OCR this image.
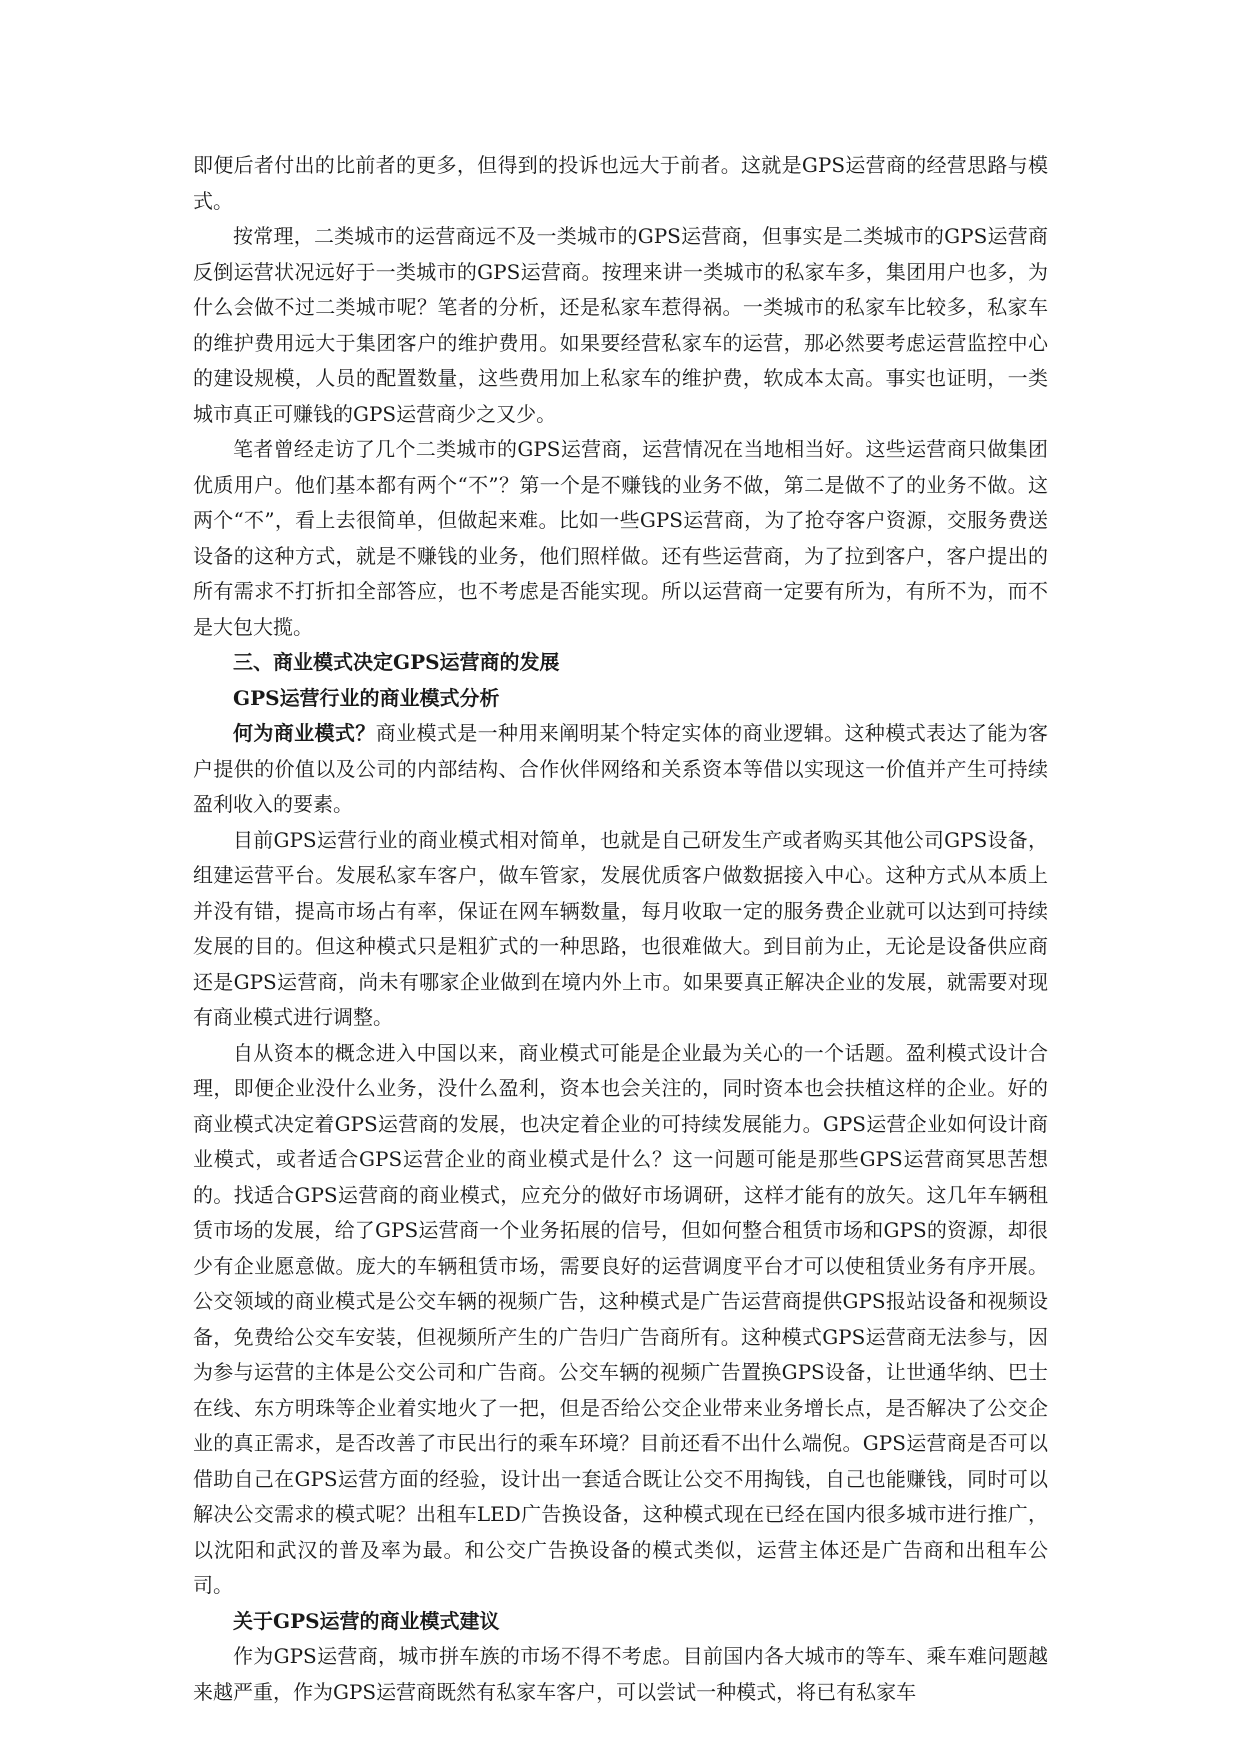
即便后者付出的比前者的更多，但得到的投诉也远大于前者。这就是GPS运营商的经营思路与模式。

按常理，二类城市的运营商远不及一类城市的GPS运营商，但事实是二类城市的GPS运营商反倒运营状况远好于一类城市的GPS运营商。按理来讲一类城市的私家车多，集团用户也多，为什么会做不过二类城市呢？笔者的分析，还是私家车惹得祸。一类城市的私家车比较多，私家车的维护费用远大于集团客户的维护费用。如果要经营私家车的运营，那必然要考虑运营监控中心的建设规模，人员的配置数量，这些费用加上私家车的维护费，软成本太高。事实也证明，一类城市真正可赚钱的GPS运营商少之又少。

笔者曾经走访了几个二类城市的GPS运营商，运营情况在当地相当好。这些运营商只做集团优质用户。他们基本都有两个“不”？第一个是不赚钱的业务不做，第二是做不了的业务不做。这两个“不”，看上去很简单，但做起来难。比如一些GPS运营商，为了抢夺客户资源，交服务费送设备的这种方式，就是不赚钱的业务，他们照样做。还有些运营商，为了拉到客户，客户提出的所有需求不打折扣全部答应，也不考虑是否能实现。所以运营商一定要有所为，有所不为，而不是大包大揽。

三、商业模式决定GPS运营商的发展

GPS运营行业的商业模式分析

何为商业模式？商业模式是一种用来阐明某个特定实体的商业逻辑。这种模式表达了能为客户提供的价值以及公司的内部结构、合作伙伴网络和关系资本等借以实现这一价值并产生可持续盈利收入的要素。

目前GPS运营行业的商业模式相对简单，也就是自己研发生产或者购买其他公司GPS设备，组建运营平台。发展私家车客户，做车管家，发展优质客户做数据接入中心。这种方式从本质上并没有错，提高市场占有率，保证在网车辆数量，每月收取一定的服务费企业就可以达到可持续发展的目的。但这种模式只是粗犷式的一种思路，也很难做大。到目前为止，无论是设备供应商还是GPS运营商，尚未有哪家企业做到在境内外上市。如果要真正解决企业的发展，就需要对现有商业模式进行调整。

自从资本的概念进入中国以来，商业模式可能是企业最为关心的一个话题。盈利模式设计合理，即便企业没什么业务，没什么盈利，资本也会关注的，同时资本也会扶植这样的企业。好的商业模式决定着GPS运营商的发展，也决定着企业的可持续发展能力。GPS运营企业如何设计商业模式，或者适合GPS运营企业的商业模式是什么？这一问题可能是那些GPS运营商冥思苦想的。找适合GPS运营商的商业模式，应充分的做好市场调研，这样才能有的放矢。这几年车辆租赁市场的发展，给了GPS运营商一个业务拓展的信号，但如何整合租赁市场和GPS的资源，却很少有企业愿意做。庞大的车辆租赁市场，需要良好的运营调度平台才可以使租赁业务有序开展。公交领域的商业模式是公交车辆的视频广告，这种模式是广告运营商提供GPS报站设备和视频设备，免费给公交车安装，但视频所产生的广告归广告商所有。这种模式GPS运营商无法参与，因为参与运营的主体是公交公司和广告商。公交车辆的视频广告置换GPS设备，让世通华纳、巴士在线、东方明珠等企业着实地火了一把，但是否给公交企业带来业务增长点，是否解决了公交企业的真正需求，是否改善了市民出行的乘车环境？目前还看不出什么端倪。GPS运营商是否可以借助自己在GPS运营方面的经验，设计出一套适合既让公交不用掏钱，自己也能赚钱，同时可以解决公交需求的模式呢？出租车LED广告换设备，这种模式现在已经在国内很多城市进行推广，以沈阳和武汉的普及率为最。和公交广告换设备的模式类似，运营主体还是广告商和出租车公司。

关于GPS运营的商业模式建议

作为GPS运营商，城市拼车族的市场不得不考虑。目前国内各大城市的等车、乘车难问题越来越严重，作为GPS运营商既然有私家车客户，可以尝试一种模式，将已有私家车
